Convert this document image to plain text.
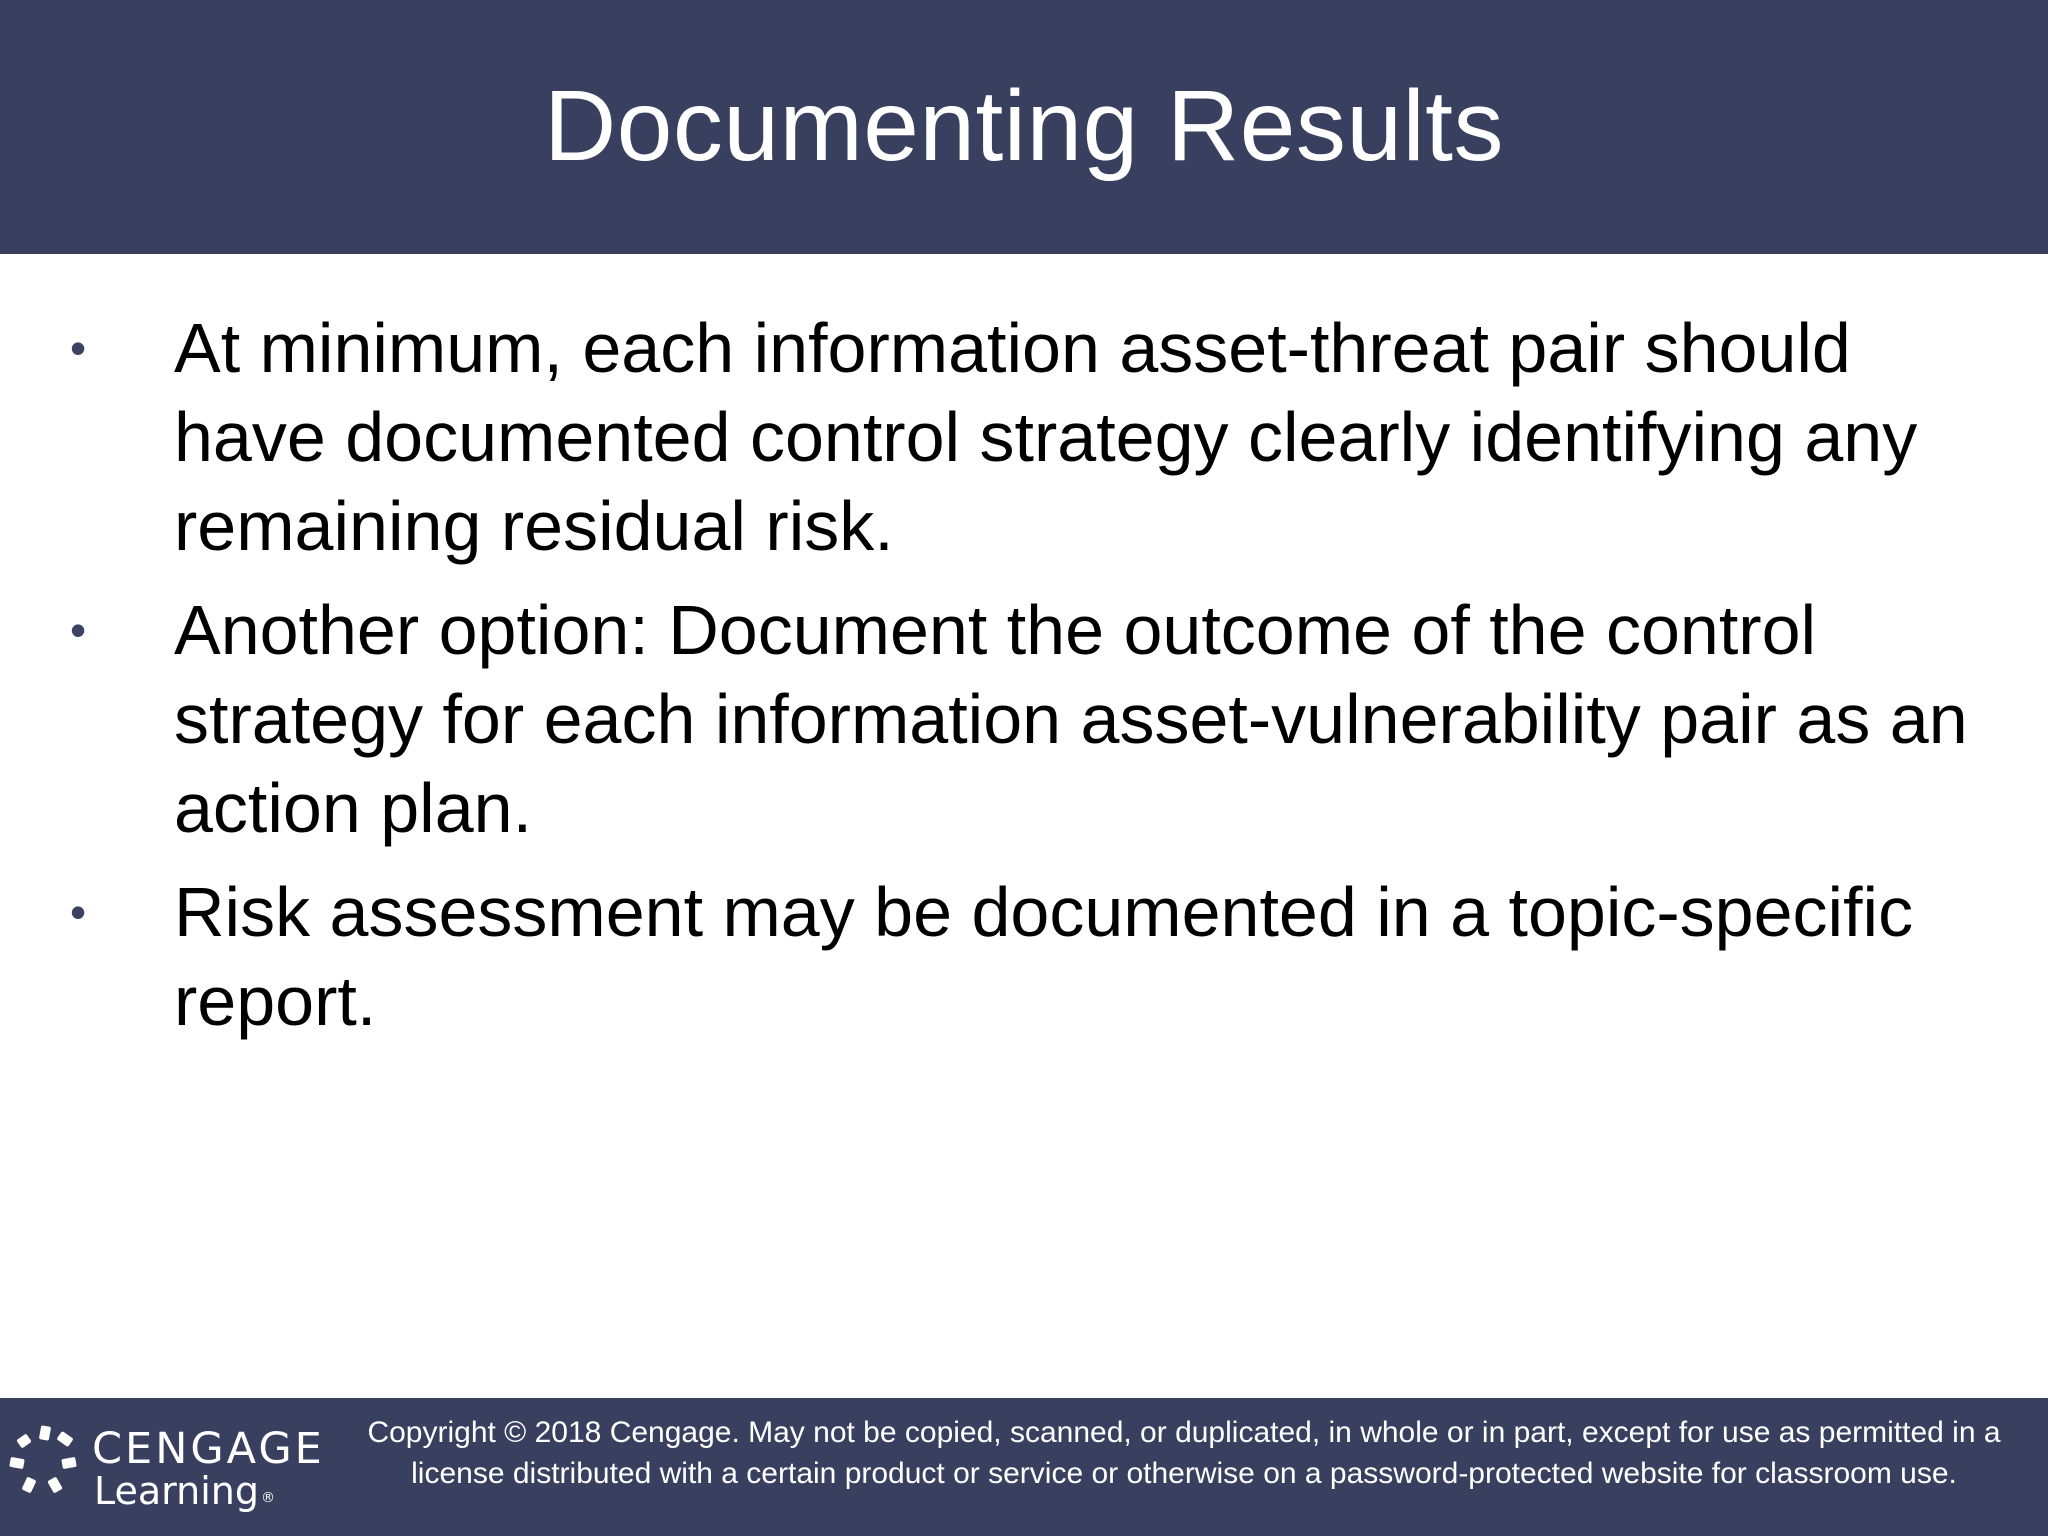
Documenting Results
• At minimum, each information asset-threat pair should have documented control strategy clearly identifying any remaining residual risk.
• Another option: Document the outcome of the control strategy for each information asset-vulnerability pair as an action plan.
• Risk assessment may be documented in a topic-specific report.
CENGAGE
Learning ®
Copyright © 2018 Cengage. May not be copied, scanned, or duplicated, in whole or in part, except for use as permitted in a license distributed with a certain product or service or otherwise on a password-protected website for classroom use.
